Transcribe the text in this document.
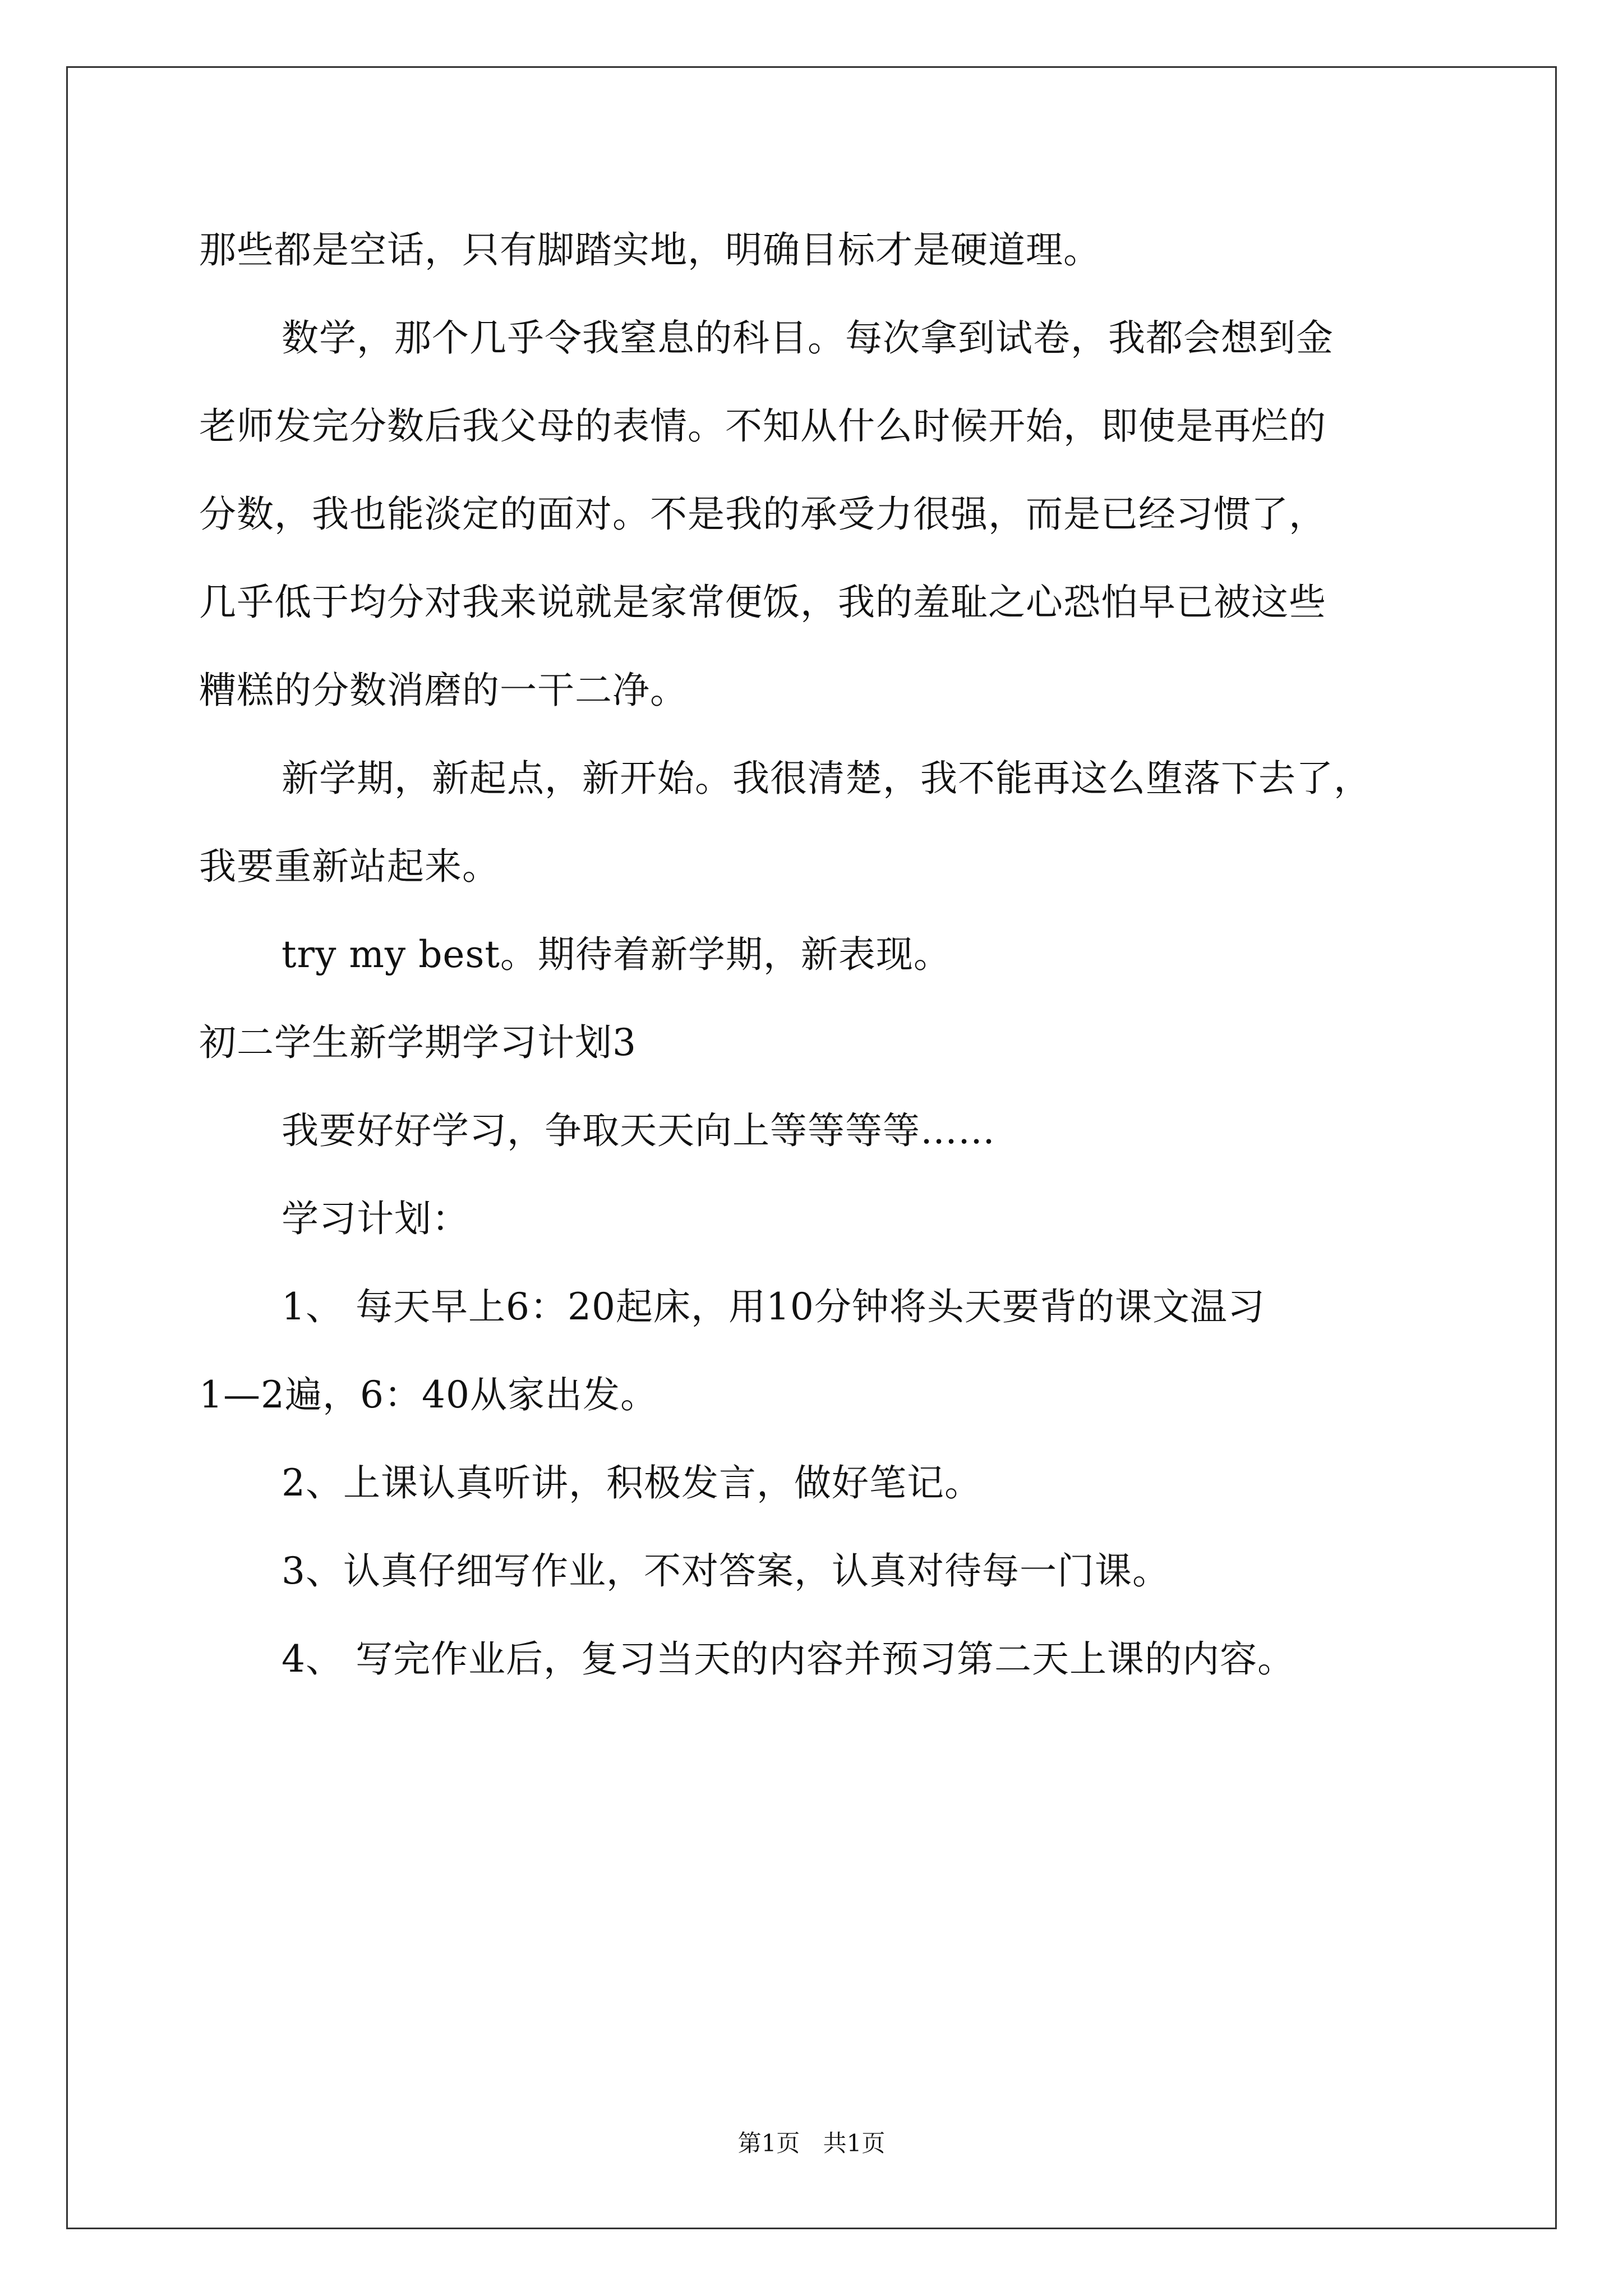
那些都是空话，只有脚踏实地，明确目标才是硬道理。
数学，那个几乎令我窒息的科目。每次拿到试卷，我都会想到金
老师发完分数后我父母的表情。不知从什么时候开始，即使是再烂的
分数，我也能淡定的面对。不是我的承受力很强，而是已经习惯了，
几乎低于均分对我来说就是家常便饭，我的羞耻之心恐怕早已被这些
糟糕的分数消磨的一干二净。
新学期，新起点，新开始。我很清楚，我不能再这么堕落下去了，
我要重新站起来。
try my best。期待着新学期，新表现。
初二学生新学期学习计划3
我要好好学习，争取天天向上等等等等……
学习计划：
1、 每天早上6：20起床，用10分钟将头天要背的课文温习
1—2遍，6：40从家出发。
2、上课认真听讲，积极发言，做好笔记。
3、认真仔细写作业，不对答案，认真对待每一门课。
4、 写完作业后，复习当天的内容并预习第二天上课的内容。
第1页 共1页
